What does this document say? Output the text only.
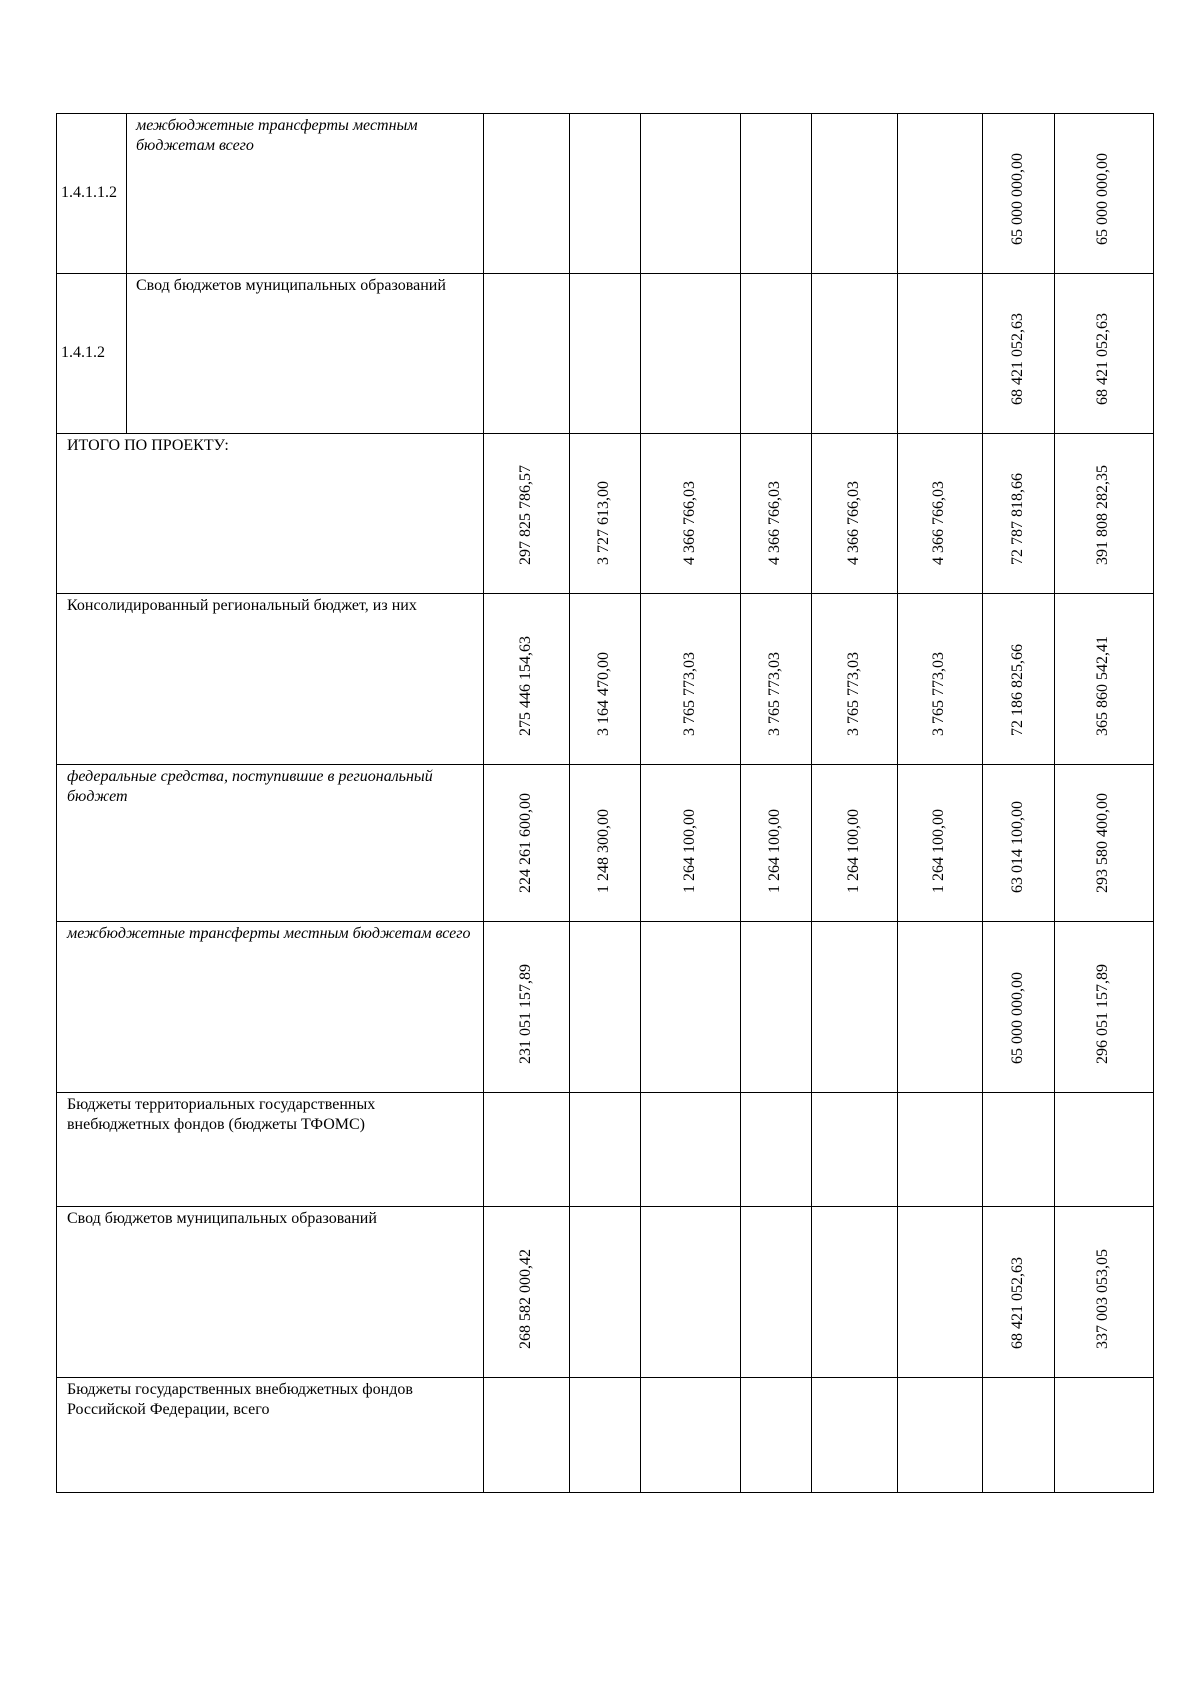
1.4.1.1.2	межбюджетные трансферты местным бюджетам всего							65 000 000,00	65 000 000,00

1.4.1.2	Свод бюджетов муниципальных образований							68 421 052,63	68 421 052,63

ИТОГО ПО ПРОЕКТУ:		297 825 786,57	3 727 613,00	4 366 766,03	4 366 766,03	4 366 766,03	4 366 766,03	72 787 818,66	391 808 282,35

Консолидированный региональный бюджет, из них		275 446 154,63	3 164 470,00	3 765 773,03	3 765 773,03	3 765 773,03	3 765 773,03	72 186 825,66	365 860 542,41

федеральные средства, поступившие в региональный бюджет		224 261 600,00	1 248 300,00	1 264 100,00	1 264 100,00	1 264 100,00	1 264 100,00	63 014 100,00	293 580 400,00

межбюджетные трансферты местным бюджетам всего		231 051 157,89						65 000 000,00	296 051 157,89

Бюджеты территориальных государственных внебюджетных фондов (бюджеты ТФОМС)									

Свод бюджетов муниципальных образований		268 582 000,42						68 421 052,63	337 003 053,05

Бюджеты государственных внебюджетных фондов Российской Федерации, всего									
